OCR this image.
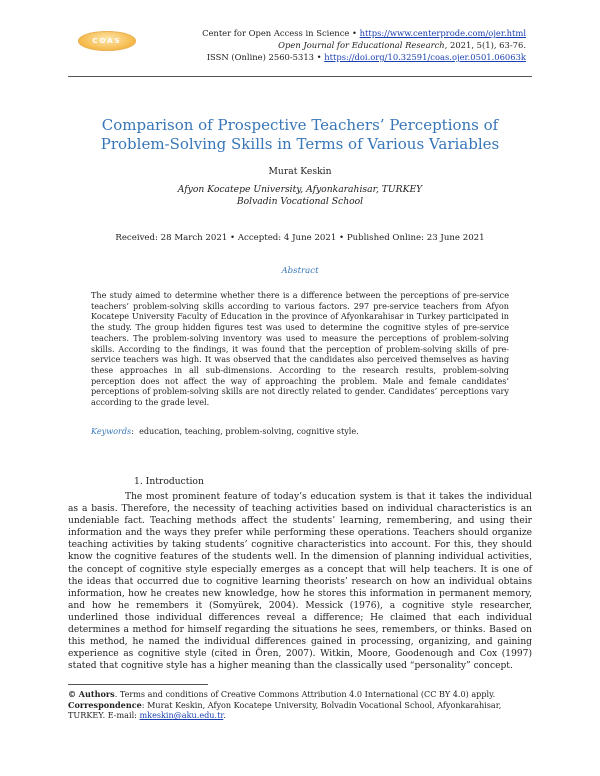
COAS
Center for Open Access in Science • https://www.centerprode.com/ojer.html
Open Journal for Educational Research, 2021, 5(1), 63-76.
ISSN (Online) 2560-5313 • https://doi.org/10.32591/coas.ojer.0501.06063k
Comparison of Prospective Teachers’ Perceptions of
Problem-Solving Skills in Terms of Various Variables
Murat Keskin
Afyon Kocatepe University, Afyonkarahisar, TURKEY
Bolvadin Vocational School
Received: 28 March 2021 • Accepted: 4 June 2021 • Published Online: 23 June 2021
Abstract
The study aimed to determine whether there is a difference between the perceptions of pre-service teachers’ problem-solving skills according to various factors. 297 pre-service teachers from Afyon Kocatepe University Faculty of Education in the province of Afyonkarahisar in Turkey participated in the study. The group hidden figures test was used to determine the cognitive styles of pre-service teachers. The problem-solving inventory was used to measure the perceptions of problem-solving skills. According to the findings, it was found that the perception of problem-solving skills of pre-service teachers was high. It was observed that the candidates also perceived themselves as having these approaches in all sub-dimensions. According to the research results, problem-solving perception does not affect the way of approaching the problem. Male and female candidates’ perceptions of problem-solving skills are not directly related to gender. Candidates’ perceptions vary according to the grade level.
Keywords:  education, teaching, problem-solving, cognitive style.
1. Introduction
The most prominent feature of today’s education system is that it takes the individual as a basis. Therefore, the necessity of teaching activities based on individual characteristics is an undeniable fact. Teaching methods affect the students’ learning, remembering, and using their information and the ways they prefer while performing these operations. Teachers should organize teaching activities by taking students’ cognitive characteristics into account. For this, they should know the cognitive features of the students well. In the dimension of planning individual activities, the concept of cognitive style especially emerges as a concept that will help teachers. It is one of the ideas that occurred due to cognitive learning theorists’ research on how an individual obtains information, how he creates new knowledge, how he stores this information in permanent memory, and how he remembers it (Somyürek, 2004). Messick (1976), a cognitive style researcher, underlined those individual differences reveal a difference; He claimed that each individual determines a method for himself regarding the situations he sees, remembers, or thinks. Based on this method, he named the individual differences gained in processing, organizing, and gaining experience as cognitive style (cited in Ören, 2007). Witkin, Moore, Goodenough and Cox (1997) stated that cognitive style has a higher meaning than the classically used “personality” concept.
© Authors. Terms and conditions of Creative Commons Attribution 4.0 International (CC BY 4.0) apply.
Correspondence: Murat Keskin, Afyon Kocatepe University, Bolvadin Vocational School, Afyonkarahisar, TURKEY. E-mail: mkeskin@aku.edu.tr.
